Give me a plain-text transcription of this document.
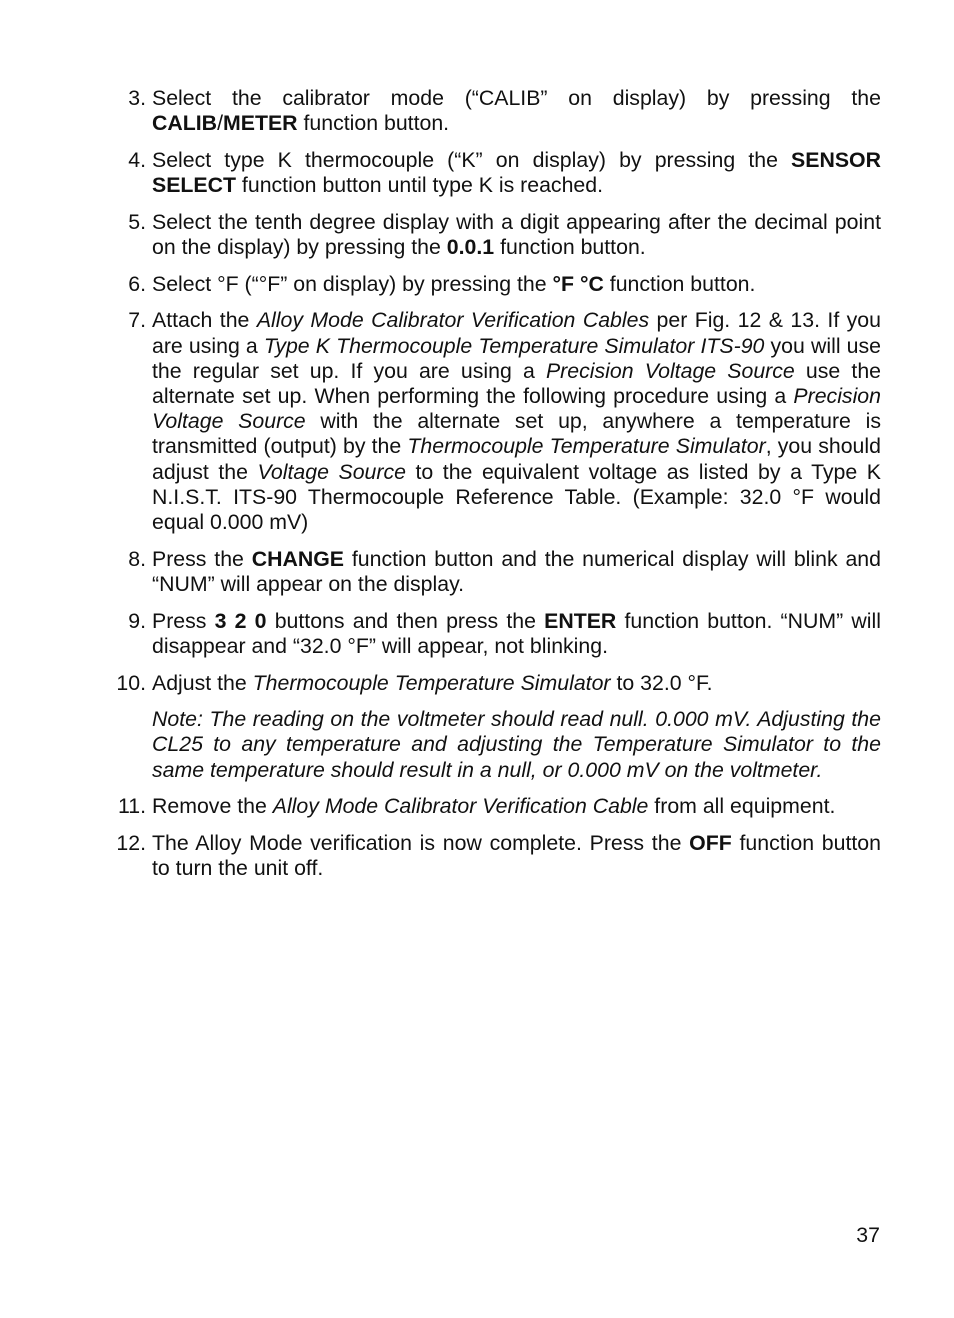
3. Select the calibrator mode (“CALIB” on display) by pressing the CALIB/METER function button.
4. Select type K thermocouple (“K” on display) by pressing the SENSOR SELECT function button until type K is reached.
5. Select the tenth degree display with a digit appearing after the decimal point on the display) by pressing the 0.0.1 function button.
6. Select °F (“°F” on display) by pressing the °F °C function button.
7. Attach the Alloy Mode Calibrator Verification Cables per Fig. 12 & 13. If you are using a Type K Thermocouple Temperature Simulator ITS-90 you will use the regular set up. If you are using a Precision Voltage Source use the alternate set up. When performing the following procedure using a Precision Voltage Source with the alternate set up, anywhere a temperature is transmitted (output) by the Thermocouple Temperature Simulator, you should adjust the Voltage Source to the equivalent voltage as listed by a Type K N.I.S.T. ITS-90 Thermocouple Reference Table. (Example: 32.0 °F would equal 0.000 mV)
8. Press the CHANGE function button and the numerical display will blink and “NUM” will appear on the display.
9. Press 3 2 0 buttons and then press the ENTER function button. “NUM” will disappear and “32.0 °F” will appear, not blinking.
10. Adjust the Thermocouple Temperature Simulator to 32.0 °F.
Note: The reading on the voltmeter should read null. 0.000 mV. Adjusting the CL25 to any temperature and adjusting the Temperature Simulator to the same temperature should result in a null, or 0.000 mV on the voltmeter.
11. Remove the Alloy Mode Calibrator Verification Cable from all equipment.
12. The Alloy Mode verification is now complete. Press the OFF function button to turn the unit off.
37
